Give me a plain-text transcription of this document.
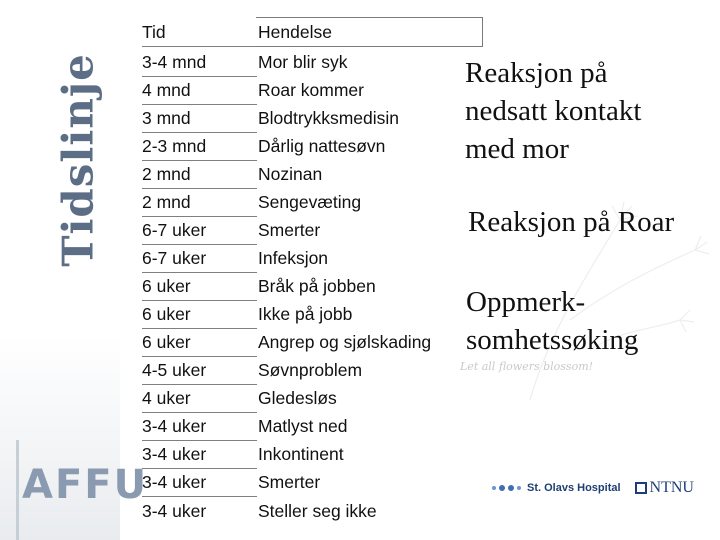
Tidslinje
AFFU
Let all flowers blossom!
Tid
3-4 mnd
4 mnd
3 mnd
2-3 mnd
2 mnd
2 mnd
6-7 uker
6-7 uker
6 uker
6 uker
6 uker
4-5 uker
4 uker
3-4 uker
3-4 uker
3-4 uker
3-4 uker
Hendelse
Mor blir syk
Roar kommer
Blodtrykksmedisin
Dårlig nattesøvn
Nozinan
Sengevæting
Smerter
Infeksjon
Bråk på jobben
Ikke på jobb
Angrep og sjølskading
Søvnproblem
Gledesløs
Matlyst ned
Inkontinent
Smerter
Steller seg ikke
Reaksjon på
nedsatt kontakt
med mor
Reaksjon på Roar
Oppmerk-
somhetssøking
St. Olavs Hospital NTNU
